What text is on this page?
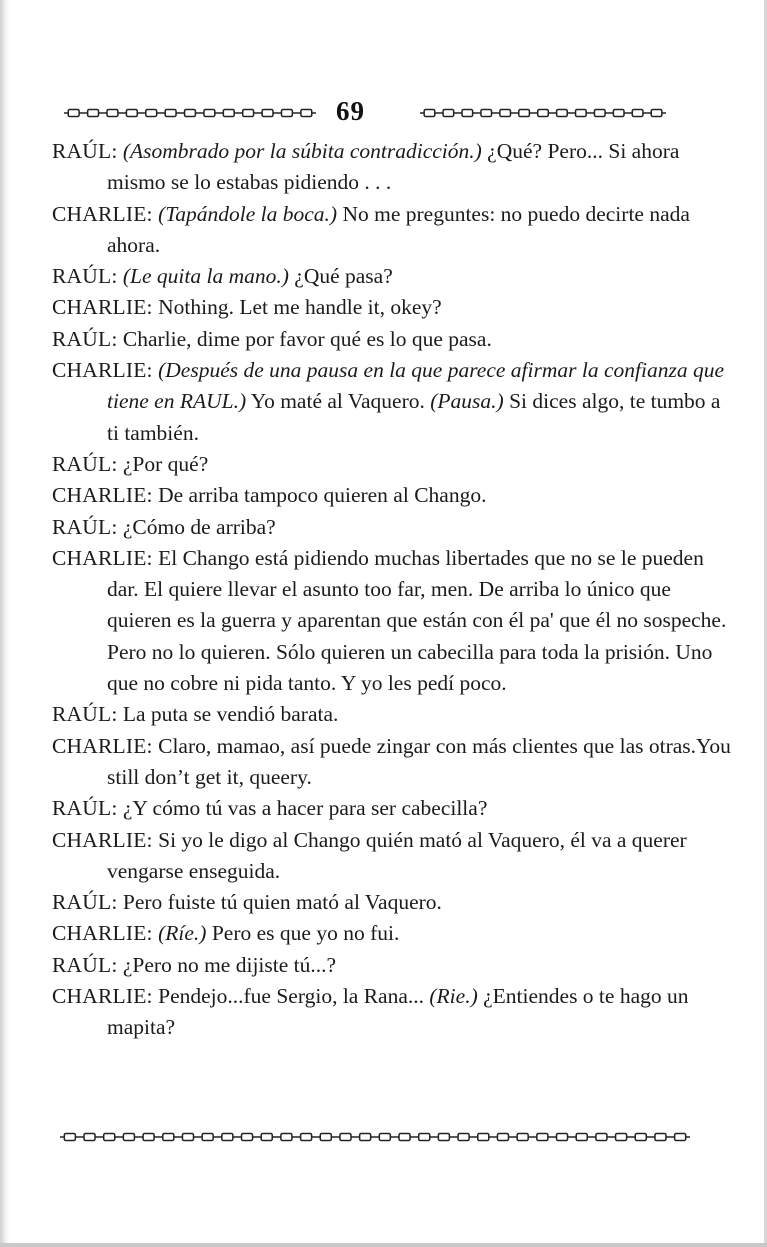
69
RAÚL: (Asombrado por la súbita contradicción.) ¿Qué? Pero... Si ahora mismo se lo estabas pidiendo . . .
CHARLIE: (Tapándole la boca.) No me preguntes: no puedo decirte nada ahora.
RAÚL: (Le quita la mano.) ¿Qué pasa?
CHARLIE: Nothing. Let me handle it, okey?
RAÚL: Charlie, dime por favor qué es lo que pasa.
CHARLIE: (Después de una pausa en la que parece afirmar la confianza que tiene en RAUL.) Yo maté al Vaquero. (Pausa.) Si dices algo, te tumbo a ti también.
RAÚL: ¿Por qué?
CHARLIE: De arriba tampoco quieren al Chango.
RAÚL: ¿Cómo de arriba?
CHARLIE: El Chango está pidiendo muchas libertades que no se le pueden dar. El quiere llevar el asunto too far, men. De arriba lo único que quieren es la guerra y aparentan que están con él pa' que él no sospeche. Pero no lo quieren. Sólo quieren un cabecilla para toda la prisión. Uno que no cobre ni pida tanto. Y yo les pedí poco.
RAÚL: La puta se vendió barata.
CHARLIE: Claro, mamao, así puede zingar con más clientes que las otras.You still don’t get it, queery.
RAÚL: ¿Y cómo tú vas a hacer para ser cabecilla?
CHARLIE: Si yo le digo al Chango quién mató al Vaquero, él va a querer vengarse enseguida.
RAÚL: Pero fuiste tú quien mató al Vaquero.
CHARLIE: (Ríe.) Pero es que yo no fui.
RAÚL: ¿Pero no me dijiste tú...?
CHARLIE: Pendejo...fue Sergio, la Rana... (Rie.) ¿Entiendes o te hago un mapita?
